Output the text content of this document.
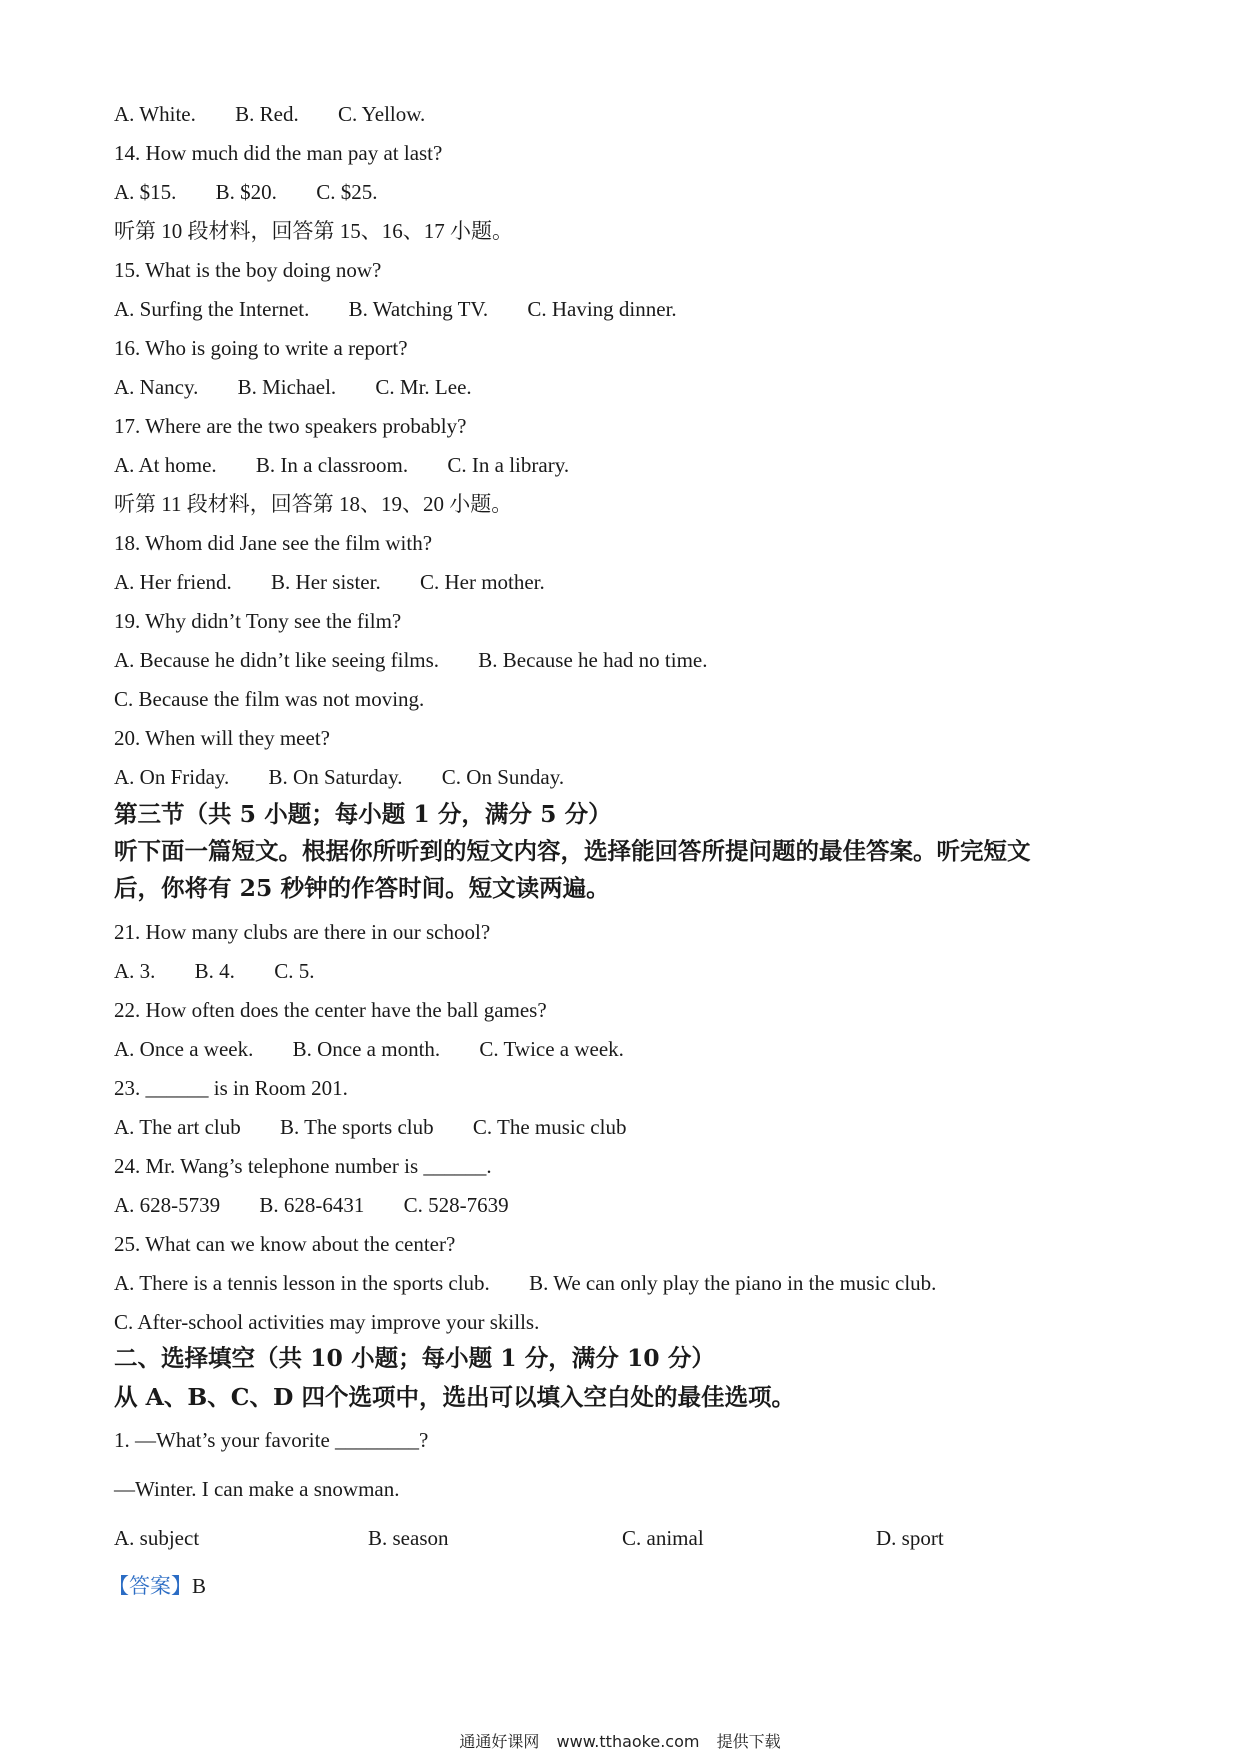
A. White. B. Red. C. Yellow.
14. How much did the man pay at last?
A. $15. B. $20. C. $25.
听第 10 段材料，回答第 15、16、17 小题。
15. What is the boy doing now?
A. Surfing the Internet. B. Watching TV. C. Having dinner.
16. Who is going to write a report?
A. Nancy. B. Michael. C. Mr. Lee.
17. Where are the two speakers probably?
A. At home. B. In a classroom. C. In a library.
听第 11 段材料，回答第 18、19、20 小题。
18. Whom did Jane see the film with?
A. Her friend. B. Her sister. C. Her mother.
19. Why didn’t Tony see the film?
A. Because he didn’t like seeing films. B. Because he had no time.
C. Because the film was not moving.
20. When will they meet?
A. On Friday. B. On Saturday. C. On Sunday.
第三节（共 5 小题；每小题 1 分，满分 5 分）
听下面一篇短文。根据你所听到的短文内容，选择能回答所提问题的最佳答案。听完短文
后，你将有 25 秒钟的作答时间。短文读两遍。
21. How many clubs are there in our school?
A. 3. B. 4. C. 5.
22. How often does the center have the ball games?
A. Once a week. B. Once a month. C. Twice a week.
23. ______ is in Room 201.
A. The art club B. The sports club C. The music club
24. Mr. Wang’s telephone number is ______.
A. 628-5739 B. 628-6431 C. 528-7639
25. What can we know about the center?
A. There is a tennis lesson in the sports club. B. We can only play the piano in the music club.
C. After-school activities may improve your skills.
二、选择填空（共 10 小题；每小题 1 分，满分 10 分）
从 A、B、C、D 四个选项中，选出可以填入空白处的最佳选项。
1. —What’s your favorite ________?
—Winter. I can make a snowman.
A. subject	B. season	C. animal	D. sport
【答案】B
通通好课网 www.tthaoke.com 提供下载
